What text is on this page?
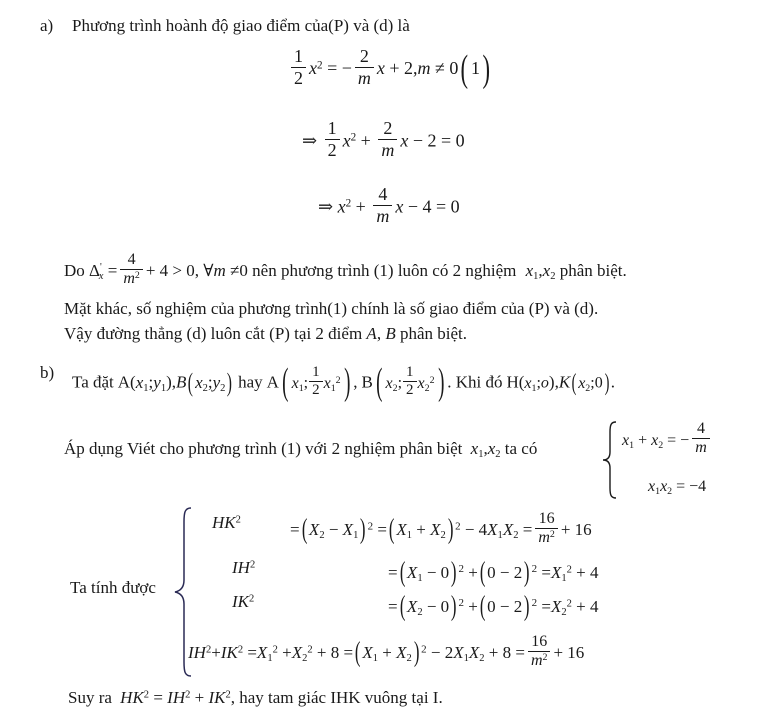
a) Phương trình hoành độ giao điểm của(P) và (d) là
$\frac{1}{2} x^2$ = − $\frac{2}{m}$ x + 2,m ≠ 0( 1)
⇒ $\frac{1}{2} x^2 + \frac{2}{m}$ x − 2 = 0
⇒ $x^2 + \frac{4}{m}$ x − 4 = 0
Do $\Delta'_x = \frac{4}{m^2} + 4 > 0$, ∀m ≠0 nên phương trình (1) luôn có 2 nghiệm $x_1,x_2$ phân biệt.
Mặt khác, số nghiệm của phương trình(1) chính là số giao điểm của (P) và (d).
Vậy đường thẳng (d) luôn cắt (P) tại 2 điểm A, B phân biệt.
b)
Ta đặt $A(x_1;y_1),B$( $x_2;y_2$) hay A( $x_1$; $\frac{1}{2} x_1^2$) , B( $x_2$; $\frac{1}{2} x_2^2$) . Khi đó $H(x_1;o),K(x_2;0)$.
Áp dụng Viét cho phương trình (1) với 2 nghiệm phân biệt $x_1,x_2$ ta có	$x_1 + x_2$ = − $\frac{4}{m}$
$x_1x_2 = -4$
Ta tính được
$HK^2$
=( $X_2 - X_1$) $^2$ =( $X_1 + X_2$) $^2 - 4X_1X_2 = \frac{16}{m^2} + 16$
$IH^2$	=( $X_1 - 0$) $^2$ +( 0 − 2) $^2 =X_1^2 + 4$
$IK^2$	=( $X_2 - 0$) $^2$ +( 0 − 2) $^2 =X_2^2 + 4$
$IH^2+IK^2 =X_1^2 +X_2^2 + 8$ =( $X_1 + X_2$) $^2 - 2X_1X_2 + 8 = \frac{16}{m^2} + 16$
Suy ra $HK^2 = IH^2 + IK^2$, hay tam giác IHK vuông tại I.
